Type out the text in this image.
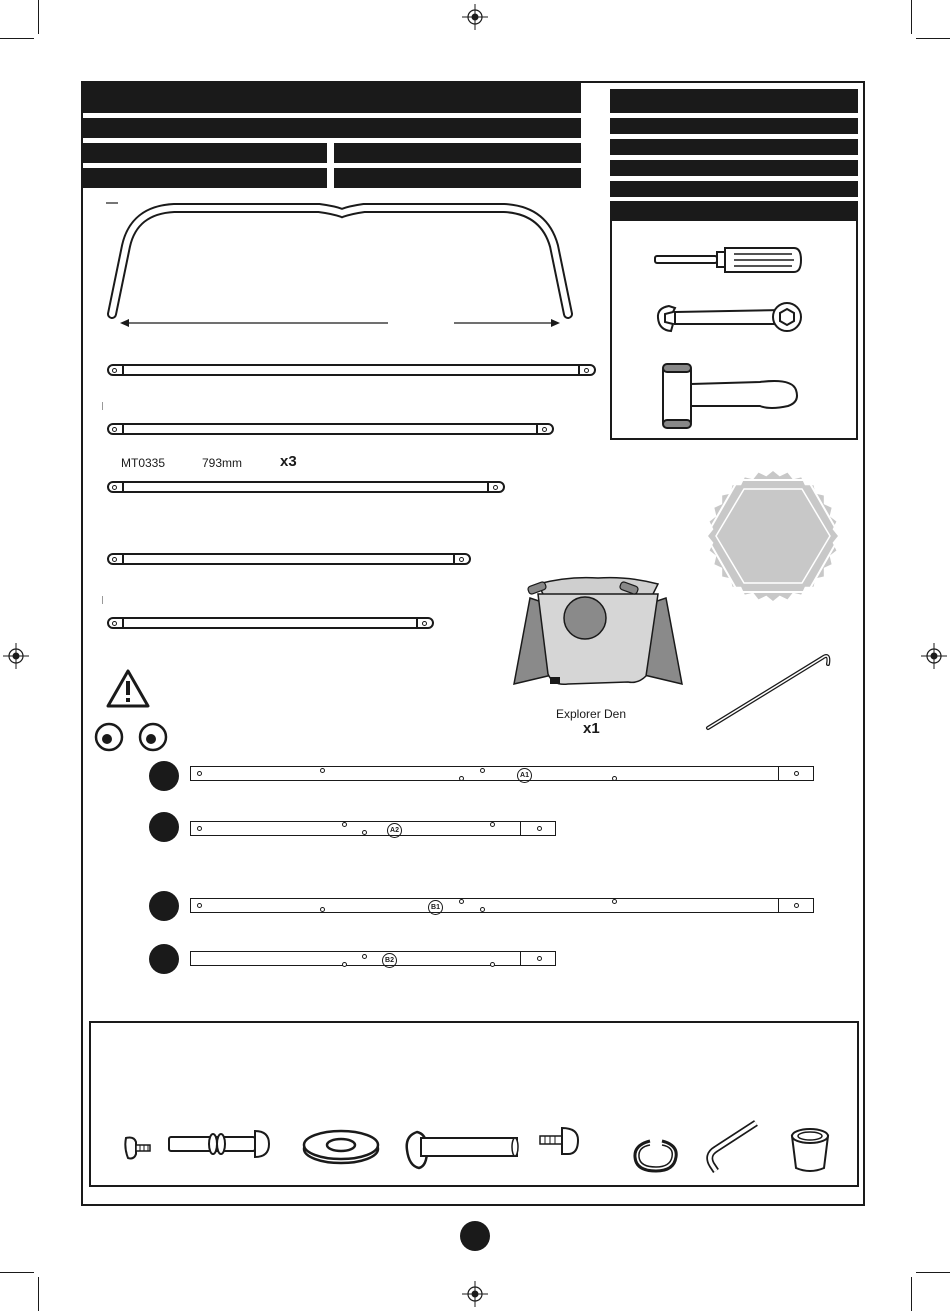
MT0335	793mm	x3
Explorer Den
x1
A1
A2
B1
B2
